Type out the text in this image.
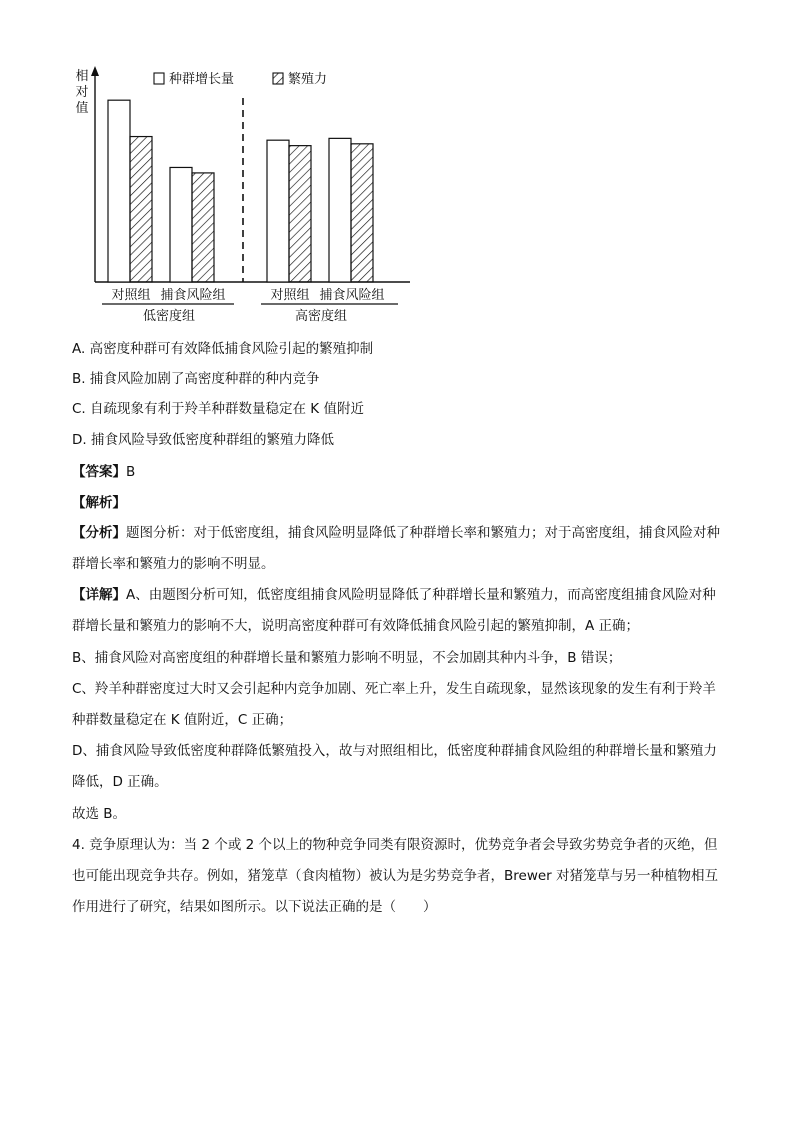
相对值
种群增长量	繁殖力
对照组 捕食风险组	对照组 捕食风险组
低密度组	高密度组
A. 高密度种群可有效降低捕食风险引起的繁殖抑制
B. 捕食风险加剧了高密度种群的种内竞争
C. 自疏现象有利于羚羊种群数量稳定在 K 值附近
D. 捕食风险导致低密度种群组的繁殖力降低
【答案】B
【解析】
【分析】题图分析：对于低密度组，捕食风险明显降低了种群增长率和繁殖力；对于高密度组，捕食风险对种群增长率和繁殖力的影响不明显。
【详解】A、由题图分析可知，低密度组捕食风险明显降低了种群增长量和繁殖力，而高密度组捕食风险对种群增长量和繁殖力的影响不大，说明高密度种群可有效降低捕食风险引起的繁殖抑制，A 正确；
B、捕食风险对高密度组的种群增长量和繁殖力影响不明显，不会加剧其种内斗争，B 错误；
C、羚羊种群密度过大时又会引起种内竞争加剧、死亡率上升，发生自疏现象，显然该现象的发生有利于羚羊种群数量稳定在 K 值附近，C 正确；
D、捕食风险导致低密度种群降低繁殖投入，故与对照组相比，低密度种群捕食风险组的种群增长量和繁殖力降低，D 正确。
故选 B。
4. 竞争原理认为：当 2 个或 2 个以上的物种竞争同类有限资源时，优势竞争者会导致劣势竞争者的灭绝，但也可能出现竞争共存。例如，猪笼草（食肉植物）被认为是劣势竞争者，Brewer 对猪笼草与另一种植物相互作用进行了研究，结果如图所示。以下说法正确的是（　　）
